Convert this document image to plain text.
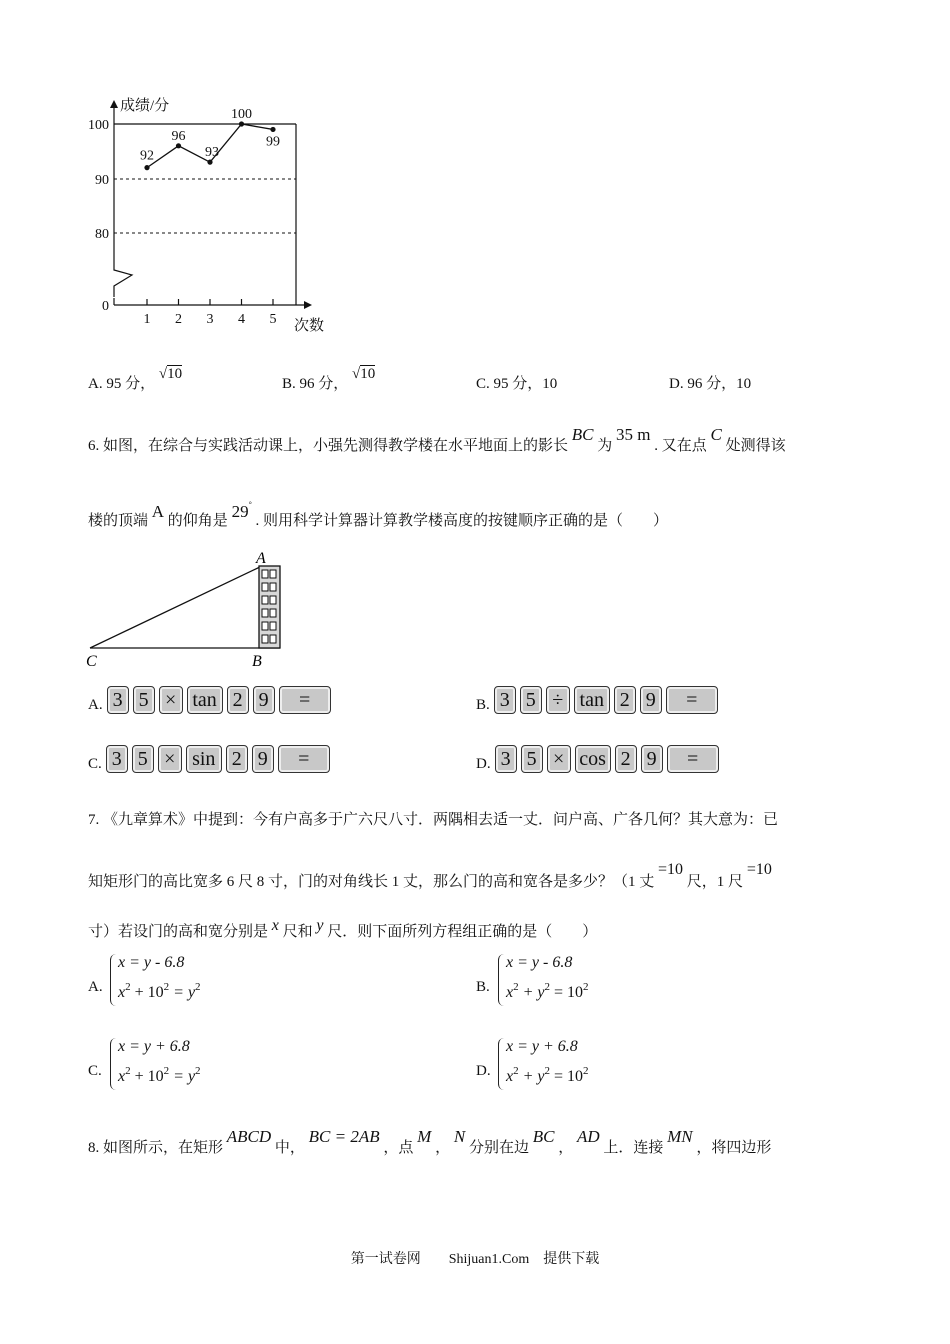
100
90
80
0
1 2 3 4 5
成绩/分
次数
92
96
93
100
99
A. 95 分， √10
B. 96 分， √10
C. 95 分，10	D. 96 分，10
6. 如图，在综合与实践活动课上，小强先测得教学楼在水平地面上的影长 BC 为 35 m . 又在点 C 处测得该
楼的顶端 A 的仰角是 29° . 则用科学计算器计算教学楼高度的按键顺序正确的是（　　）
A
B
C
A. 3 5 × tan 2 9 =	B. 3 5 ÷ tan 2 9 =
C. 3 5 × sin 2 9 =	D. 3 5 × cos 2 9 =
7. 《九章算术》中提到：今有户高多于广六尺八寸．两隅相去适一丈．问户高、广各几何？其大意为：已
知矩形门的高比宽多 6 尺 8 寸，门的对角线长 1 丈，那么门的高和宽各是多少？（1 丈 =10 尺，1 尺 =10
寸）若设门的高和宽分别是 x 尺和 y 尺．则下面所列方程组正确的是（　　）
A.
x = y - 6.8
$x^2 + 10^2 = y^2$	B.
x = y - 6.8
$x^2 + y^2 = 10^2$
C.
x = y + 6.8
$x^2 + 10^2 = y^2$	D.
x = y + 6.8
$x^2 + y^2 = 10^2$
8. 如图所示，在矩形 ABCD 中， BC = 2AB ，点 M ， N 分别在边 BC ， AD 上．连接 MN ，将四边形
第一试卷网　　Shijuan1.Com　提供下载
